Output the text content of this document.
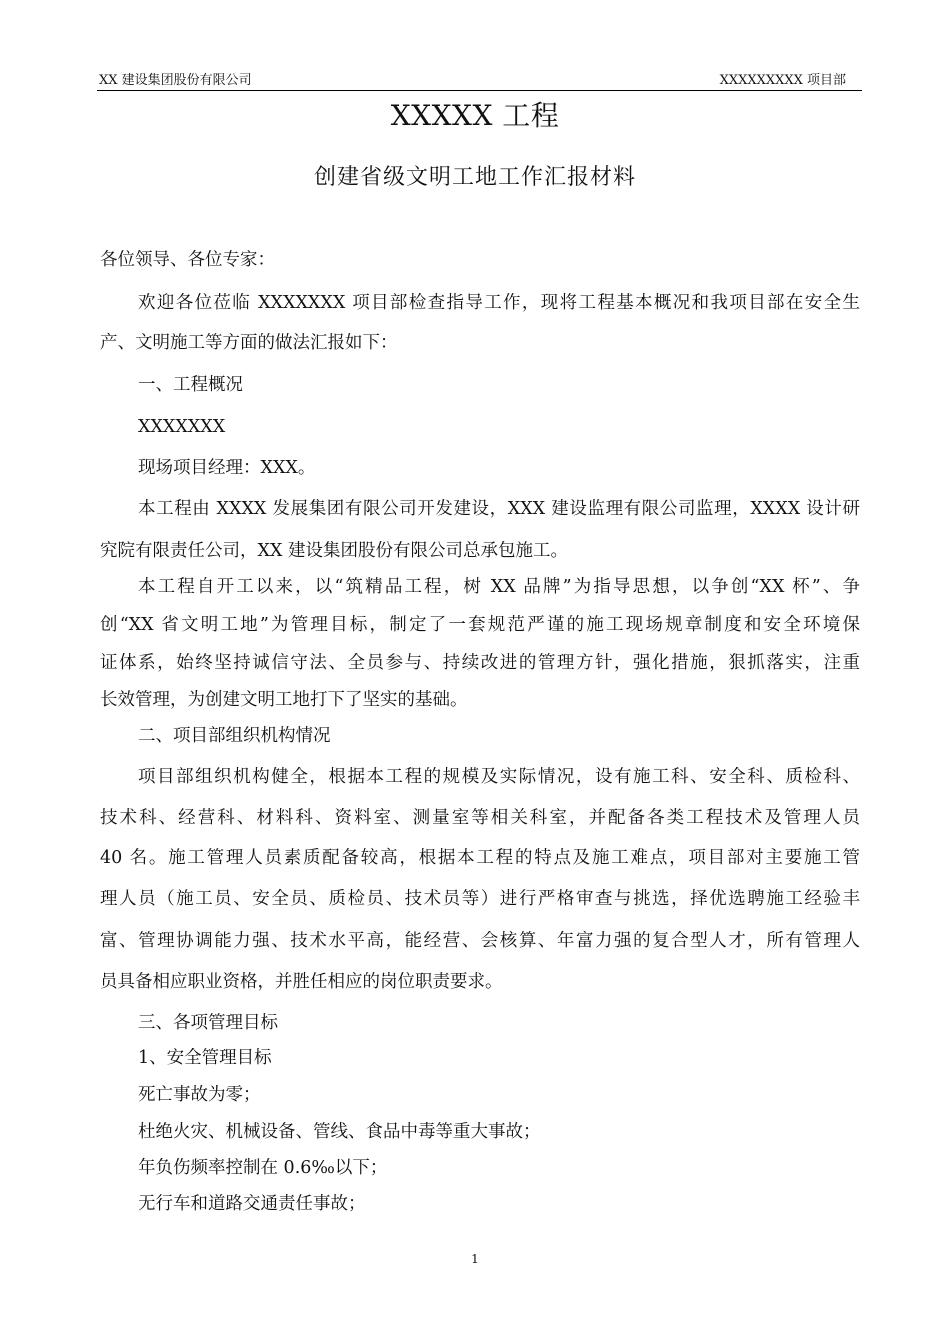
XX 建设集团股份有限公司	XXXXXXXXX 项目部
XXXXX 工程
创建省级文明工地工作汇报材料
各位领导、各位专家：
欢迎各位莅临 XXXXXXX 项目部检查指导工作，现将工程基本概况和我项目部在安全生
产、文明施工等方面的做法汇报如下：
一、工程概况
XXXXXXX
现场项目经理：XXX。
本工程由 XXXX 发展集团有限公司开发建设，XXX 建设监理有限公司监理，XXXX 设计研
究院有限责任公司，XX 建设集团股份有限公司总承包施工。
本工程自开工以来，以“筑精品工程，树 XX 品牌”为指导思想，以争创“XX 杯”、争
创“XX 省文明工地”为管理目标，制定了一套规范严谨的施工现场规章制度和安全环境保
证体系，始终坚持诚信守法、全员参与、持续改进的管理方针，强化措施，狠抓落实，注重
长效管理，为创建文明工地打下了坚实的基础。
二、项目部组织机构情况
项目部组织机构健全，根据本工程的规模及实际情况，设有施工科、安全科、质检科、
技术科、经营科、材料科、资料室、测量室等相关科室，并配备各类工程技术及管理人员
40 名。施工管理人员素质配备较高，根据本工程的特点及施工难点，项目部对主要施工管
理人员（施工员、安全员、质检员、技术员等）进行严格审查与挑选，择优选聘施工经验丰
富、管理协调能力强、技术水平高，能经营、会核算、年富力强的复合型人才，所有管理人
员具备相应职业资格，并胜任相应的岗位职责要求。
三、各项管理目标
1、安全管理目标
死亡事故为零；
杜绝火灾、机械设备、管线、食品中毒等重大事故；
年负伤频率控制在 0.6‰以下；
无行车和道路交通责任事故；
1
